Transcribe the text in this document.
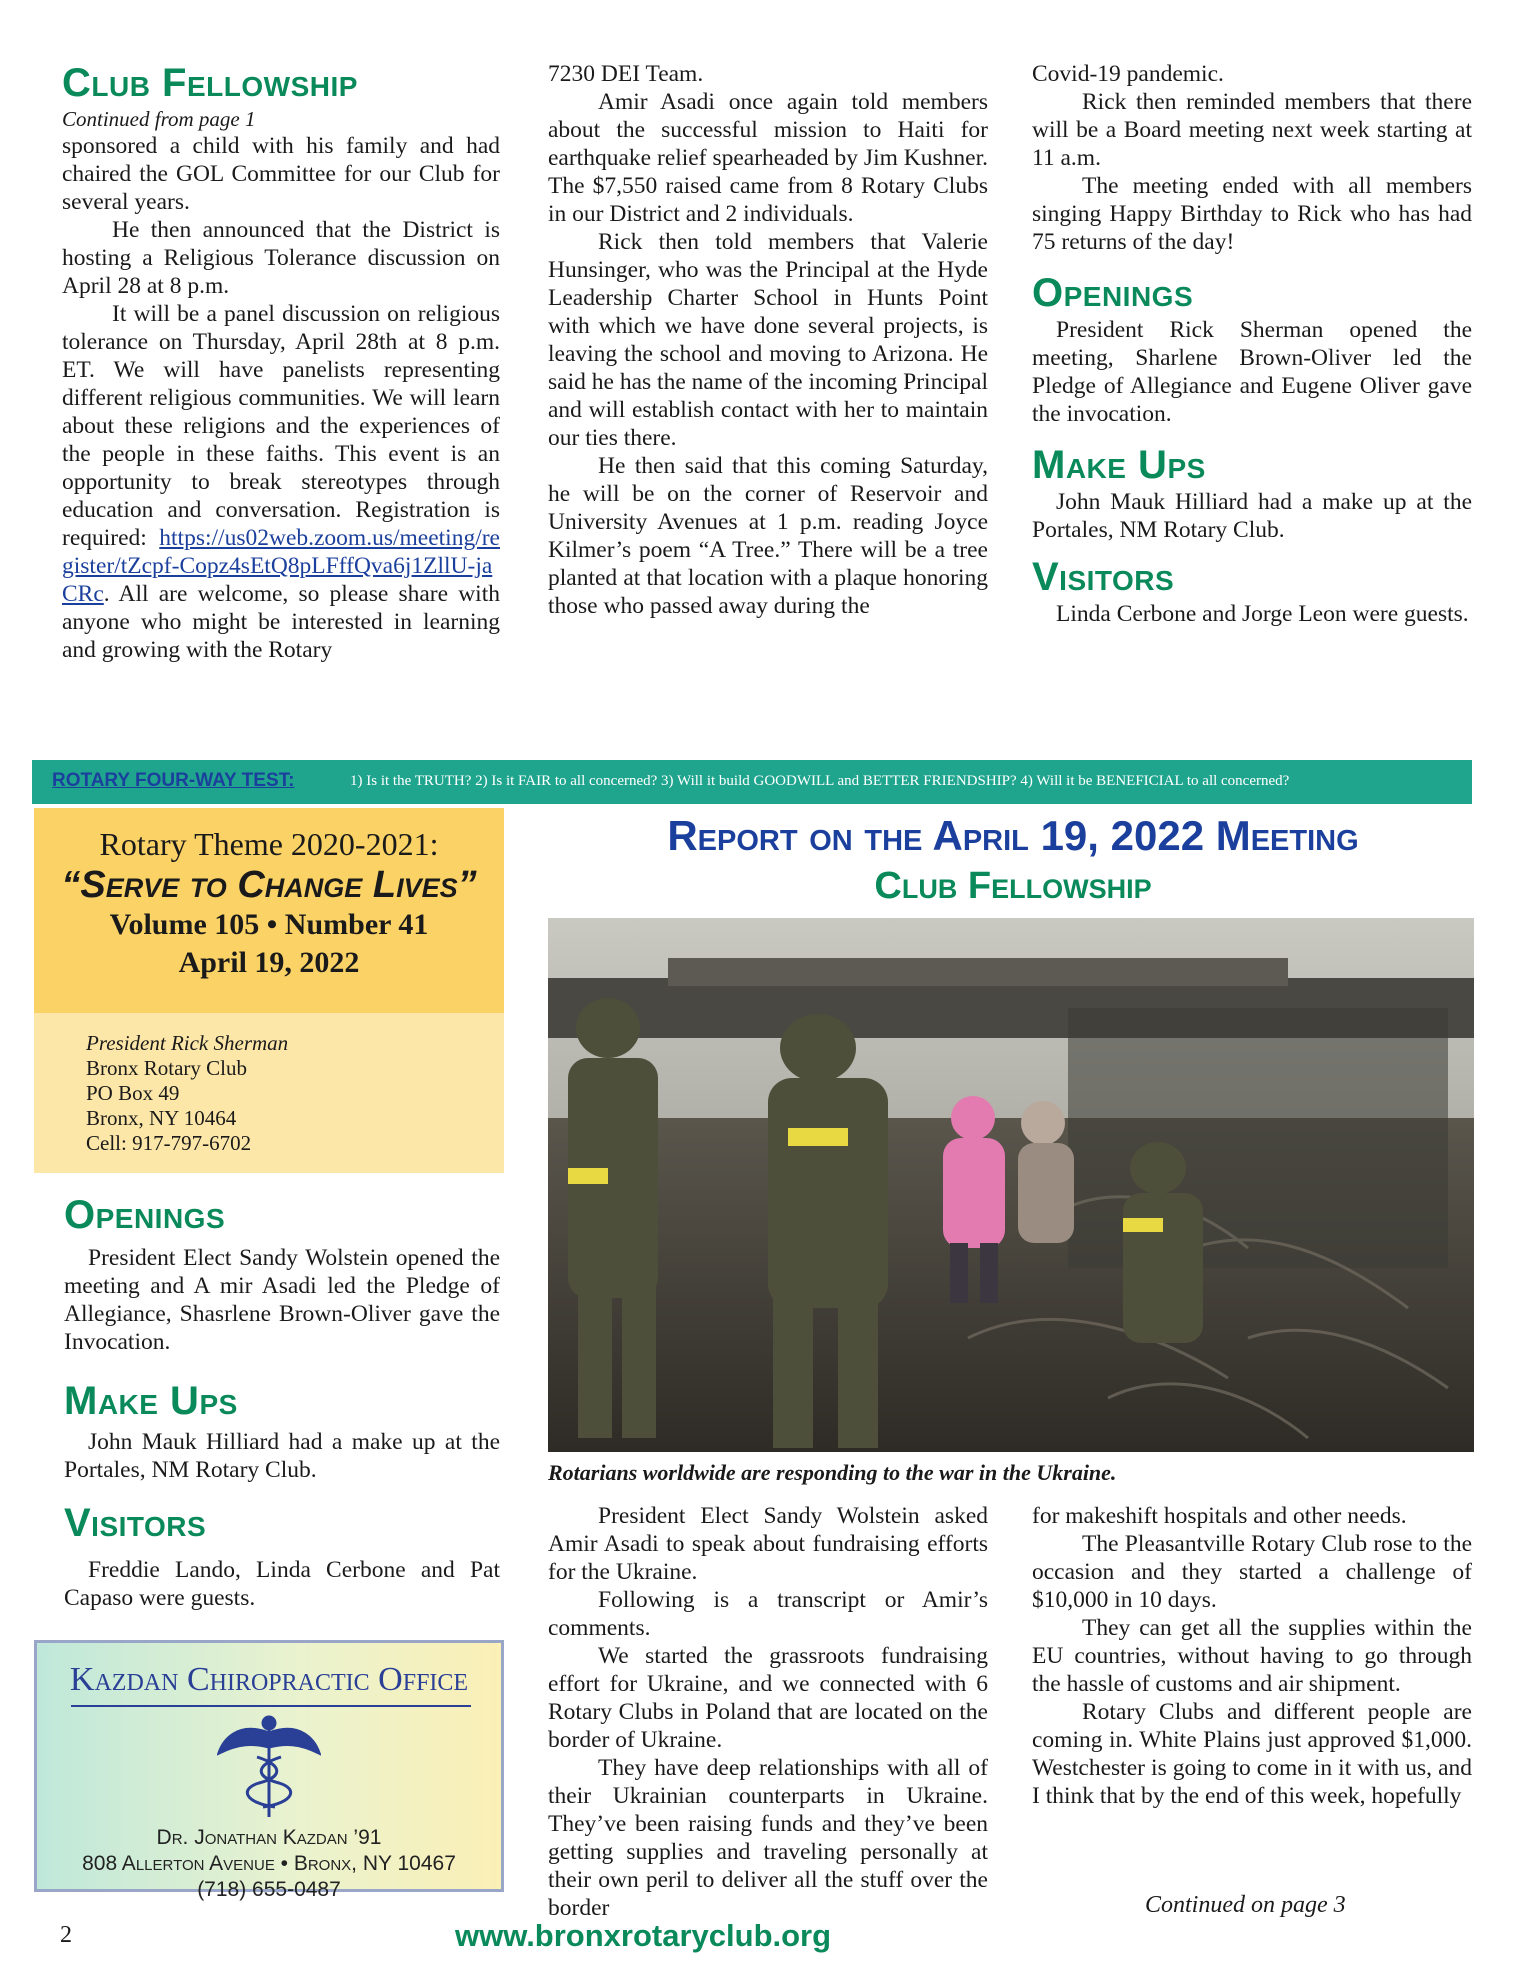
Club Fellowship

Continued from page 1

sponsored a child with his family and had chaired the GOL Committee for our Club for several years.

He then announced that the District is hosting a Religious Tolerance discussion on April 28 at 8 p.m.

It will be a panel discussion on religious tolerance on Thursday, April 28th at 8 p.m. ET. We will have panelists representing different religious communities. We will learn about these religions and the experiences of the people in these faiths. This event is an opportunity to break stereotypes through education and conversation. Registration is required: https://us02web.zoom.us/meeting/register/tZcpf-Copz4sEtQ8pLFffQva6j1ZllU-jaCRc. All are welcome, so please share with anyone who might be interested in learning and growing with the Rotary

7230 DEI Team.

Amir Asadi once again told members about the successful mission to Haiti for earthquake relief spearheaded by Jim Kushner. The $7,550 raised came from 8 Rotary Clubs in our District and 2 individuals.

Rick then told members that Valerie Hunsinger, who was the Principal at the Hyde Leadership Charter School in Hunts Point with which we have done several projects, is leaving the school and moving to Arizona. He said he has the name of the incoming Principal and will establish contact with her to maintain our ties there.

He then said that this coming Saturday, he will be on the corner of Reservoir and University Avenues at 1 p.m. reading Joyce Kilmer’s poem “A Tree.” There will be a tree planted at that location with a plaque honoring those who passed away during the

Covid-19 pandemic.

Rick then reminded members that there will be a Board meeting next week starting at 11 a.m.

The meeting ended with all members singing Happy Birthday to Rick who has had 75 returns of the day!

Openings

President Rick Sherman opened the meeting, Sharlene Brown-Oliver led the Pledge of Allegiance and Eugene Oliver gave the invocation.

Make Ups

John Mauk Hilliard had a make up at the Portales, NM Rotary Club.

Visitors

Linda Cerbone and Jorge Leon were guests.

ROTARY FOUR-WAY TEST:	1) Is it the TRUTH? 2) Is it FAIR to all concerned? 3) Will it build GOODWILL and BETTER FRIENDSHIP? 4) Will it be BENEFICIAL to all concerned?
Rotary Theme 2020-2021:
“Serve to Change Lives”
Volume 105 • Number 41
April 19, 2022
President Rick Sherman
Bronx Rotary Club
PO Box 49
Bronx, NY 10464
Cell: 917-797-6702
Openings

President Elect Sandy Wolstein opened the meeting and A mir Asadi led the Pledge of Allegiance, Shasrlene Brown-Oliver gave the Invocation.

Make Ups

John Mauk Hilliard had a make up at the Portales, NM Rotary Club.

Visitors

Freddie Lando, Linda Cerbone and Pat Capaso were guests.

Kazdan Chiropractic Office
Dr. Jonathan Kazdan ’91
808 Allerton Avenue • Bronx, NY 10467
(718) 655-0487
Report on the April 19, 2022 Meeting
Club Fellowship
Rotarians worldwide are responding to the war in the Ukraine.

President Elect Sandy Wolstein asked Amir Asadi to speak about fundraising efforts for the Ukraine.

Following is a transcript or Amir’s comments.

We started the grassroots fundraising effort for Ukraine, and we connected with 6 Rotary Clubs in Poland that are located on the border of Ukraine.

They have deep relationships with all of their Ukrainian counterparts in Ukraine. They’ve been raising funds and they’ve been getting supplies and traveling personally at their own peril to deliver all the stuff over the border

for makeshift hospitals and other needs.

The Pleasantville Rotary Club rose to the occasion and they started a challenge of $10,000 in 10 days.

They can get all the supplies within the EU countries, without having to go through the hassle of customs and air shipment.

Rotary Clubs and different people are coming in. White Plains just approved $1,000. Westchester is going to come in it with us, and I think that by the end of this week, hopefully

Continued on page 3
2	www.bronxrotaryclub.org
